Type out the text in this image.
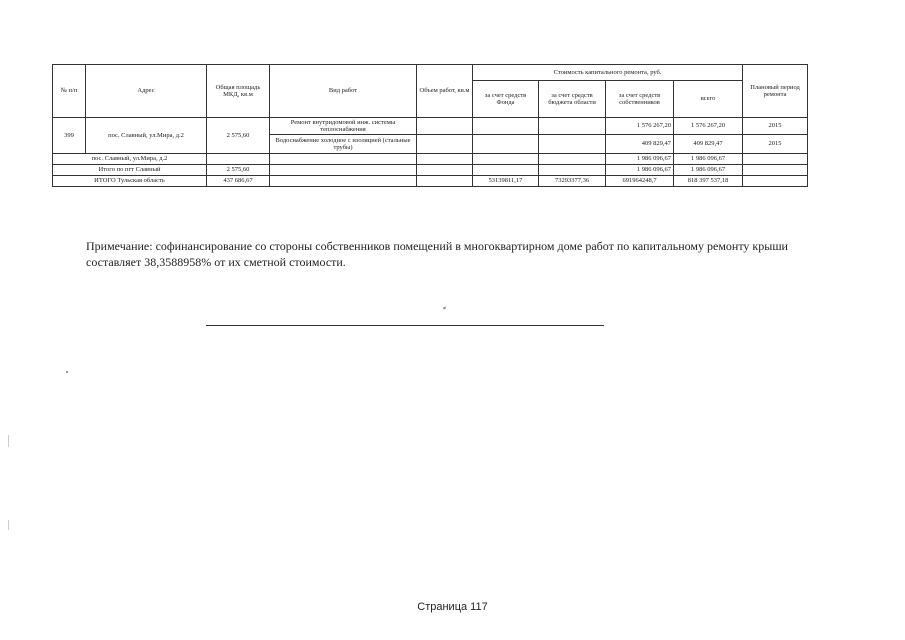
№ п/п	Адрес	Общая площадь МКД, кв.м	Вид работ	Объем работ, кв.м	Стоимость капитального ремонта, руб.				Плановый период ремонта
					за счет средств Фонда	за счет средств бюджета области	за счет средств собственников	всего	
399	пос. Славный, ул.Мира, д.2	2 575,60	Ремонт внутридомовой инж. системы теплоснабжения				1 576 267,20	1 576 267,20	2015
			Водоснабжение холодное с изоляцией (стальные трубы)				409 829,47	409 829,47	2015
пос. Славный, ул.Мира, д.2							1 986 096,67	1 986 096,67	
Итого по пгт Славный		2 575,60					1 986 096,67	1 986 096,67	
ИТОГО Тульская область		437 686,67			53139811,17	73293377,36	691964248,7	818 397 537,18	
Примечание: софинансирование со стороны собственников помещений в многоквартирном доме работ по капитальному ремонту крыши составляет 38,3588958% от их сметной стоимости.
Страница 117
